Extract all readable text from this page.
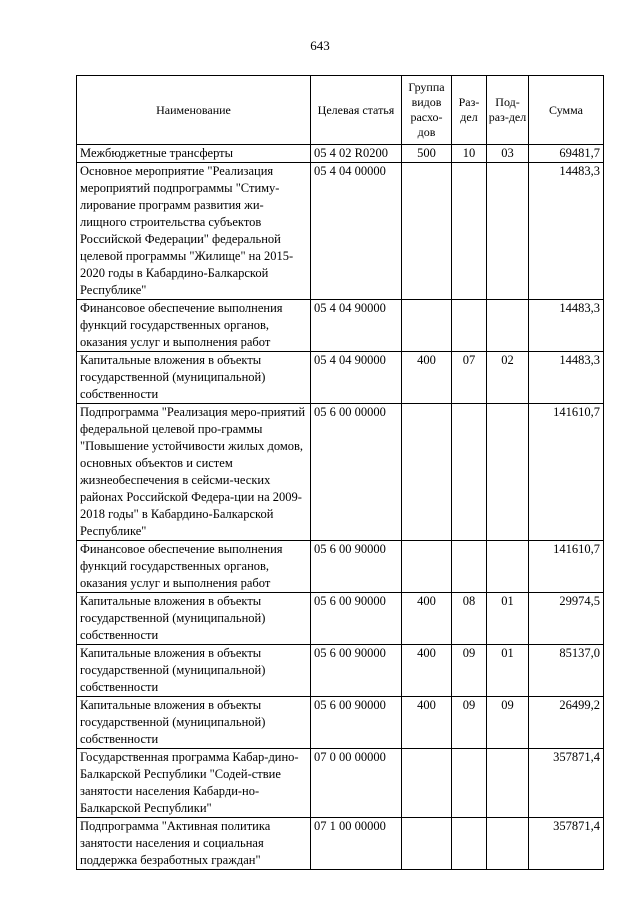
643
Наименование	Целевая статья	Группа видов расхо-дов	Раз-дел	Под-раз-дел	Сумма
Межбюджетные трансферты	05 4 02 R0200	500	10	03	69481,7
Основное мероприятие "Реализация мероприятий подпрограммы "Стиму-лирование программ развития жи-лищного строительства субъектов Российской Федерации" федеральной целевой программы "Жилище" на 2015-2020 годы в Кабардино-Балкарской Республике"	05 4 04 00000				14483,3
Финансовое обеспечение выполнения функций государственных органов, оказания услуг и выполнения работ	05 4 04 90000				14483,3
Капитальные вложения в объекты государственной (муниципальной) собственности	05 4 04 90000	400	07	02	14483,3
Подпрограмма "Реализация меро-приятий федеральной целевой про-граммы "Повышение устойчивости жилых домов, основных объектов и систем жизнеобеспечения в сейсми-ческих районах Российской Федера-ции на 2009-2018 годы" в Кабардино-Балкарской Республике"	05 6 00 00000				141610,7
Финансовое обеспечение выполнения функций государственных органов, оказания услуг и выполнения работ	05 6 00 90000				141610,7
Капитальные вложения в объекты государственной (муниципальной) собственности	05 6 00 90000	400	08	01	29974,5
Капитальные вложения в объекты государственной (муниципальной) собственности	05 6 00 90000	400	09	01	85137,0
Капитальные вложения в объекты государственной (муниципальной) собственности	05 6 00 90000	400	09	09	26499,2
Государственная программа Кабар-дино-Балкарской Республики "Содей-ствие занятости населения Кабарди-но-Балкарской Республики"	07 0 00 00000				357871,4
Подпрограмма "Активная политика занятости населения и социальная поддержка безработных граждан"	07 1 00 00000				357871,4
